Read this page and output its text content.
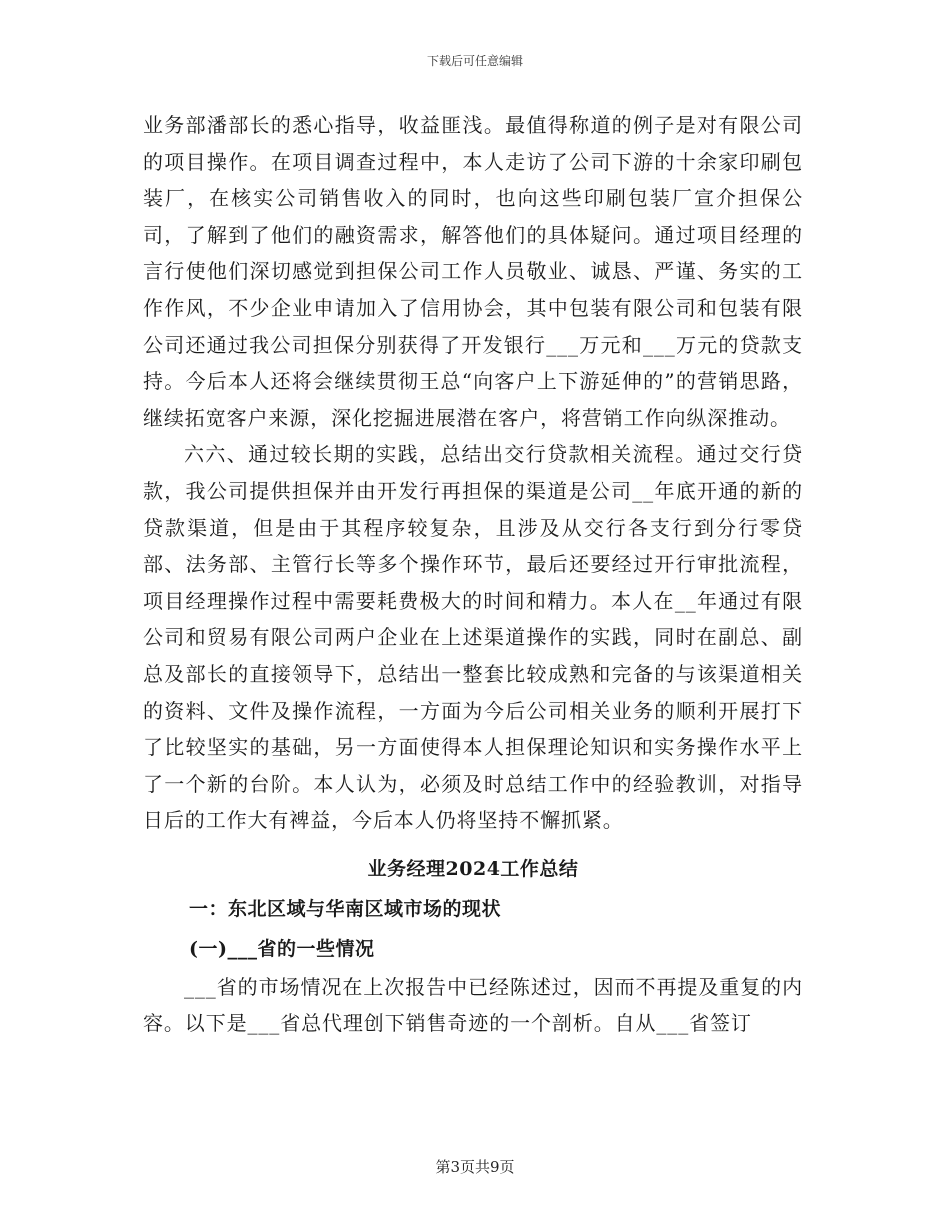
下载后可任意编辑

业务部潘部长的悉心指导，收益匪浅。最值得称道的例子是对有限公司的项目操作。在项目调查过程中，本人走访了公司下游的十余家印刷包装厂，在核实公司销售收入的同时，也向这些印刷包装厂宣介担保公司，了解到了他们的融资需求，解答他们的具体疑问。通过项目经理的言行使他们深切感觉到担保公司工作人员敬业、诚恳、严谨、务实的工作作风，不少企业申请加入了信用协会，其中包装有限公司和包装有限公司还通过我公司担保分别获得了开发银行___万元和___万元的贷款支持。今后本人还将会继续贯彻王总“向客户上下游延伸的”的营销思路，继续拓宽客户来源，深化挖掘进展潜在客户，将营销工作向纵深推动。

六六、通过较长期的实践，总结出交行贷款相关流程。通过交行贷款，我公司提供担保并由开发行再担保的渠道是公司__年底开通的新的贷款渠道，但是由于其程序较复杂，且涉及从交行各支行到分行零贷部、法务部、主管行长等多个操作环节，最后还要经过开行审批流程，项目经理操作过程中需要耗费极大的时间和精力。本人在__年通过有限公司和贸易有限公司两户企业在上述渠道操作的实践，同时在副总、副总及部长的直接领导下，总结出一整套比较成熟和完备的与该渠道相关的资料、文件及操作流程，一方面为今后公司相关业务的顺利开展打下了比较坚实的基础，另一方面使得本人担保理论知识和实务操作水平上了一个新的台阶。本人认为，必须及时总结工作中的经验教训，对指导日后的工作大有裨益，今后本人仍将坚持不懈抓紧。

业务经理2024工作总结
一：东北区域与华南区域市场的现状
(一)___省的一些情况

___省的市场情况在上次报告中已经陈述过，因而不再提及重复的内容。以下是___省总代理创下销售奇迹的一个剖析。自从___省签订

第3页共9页
